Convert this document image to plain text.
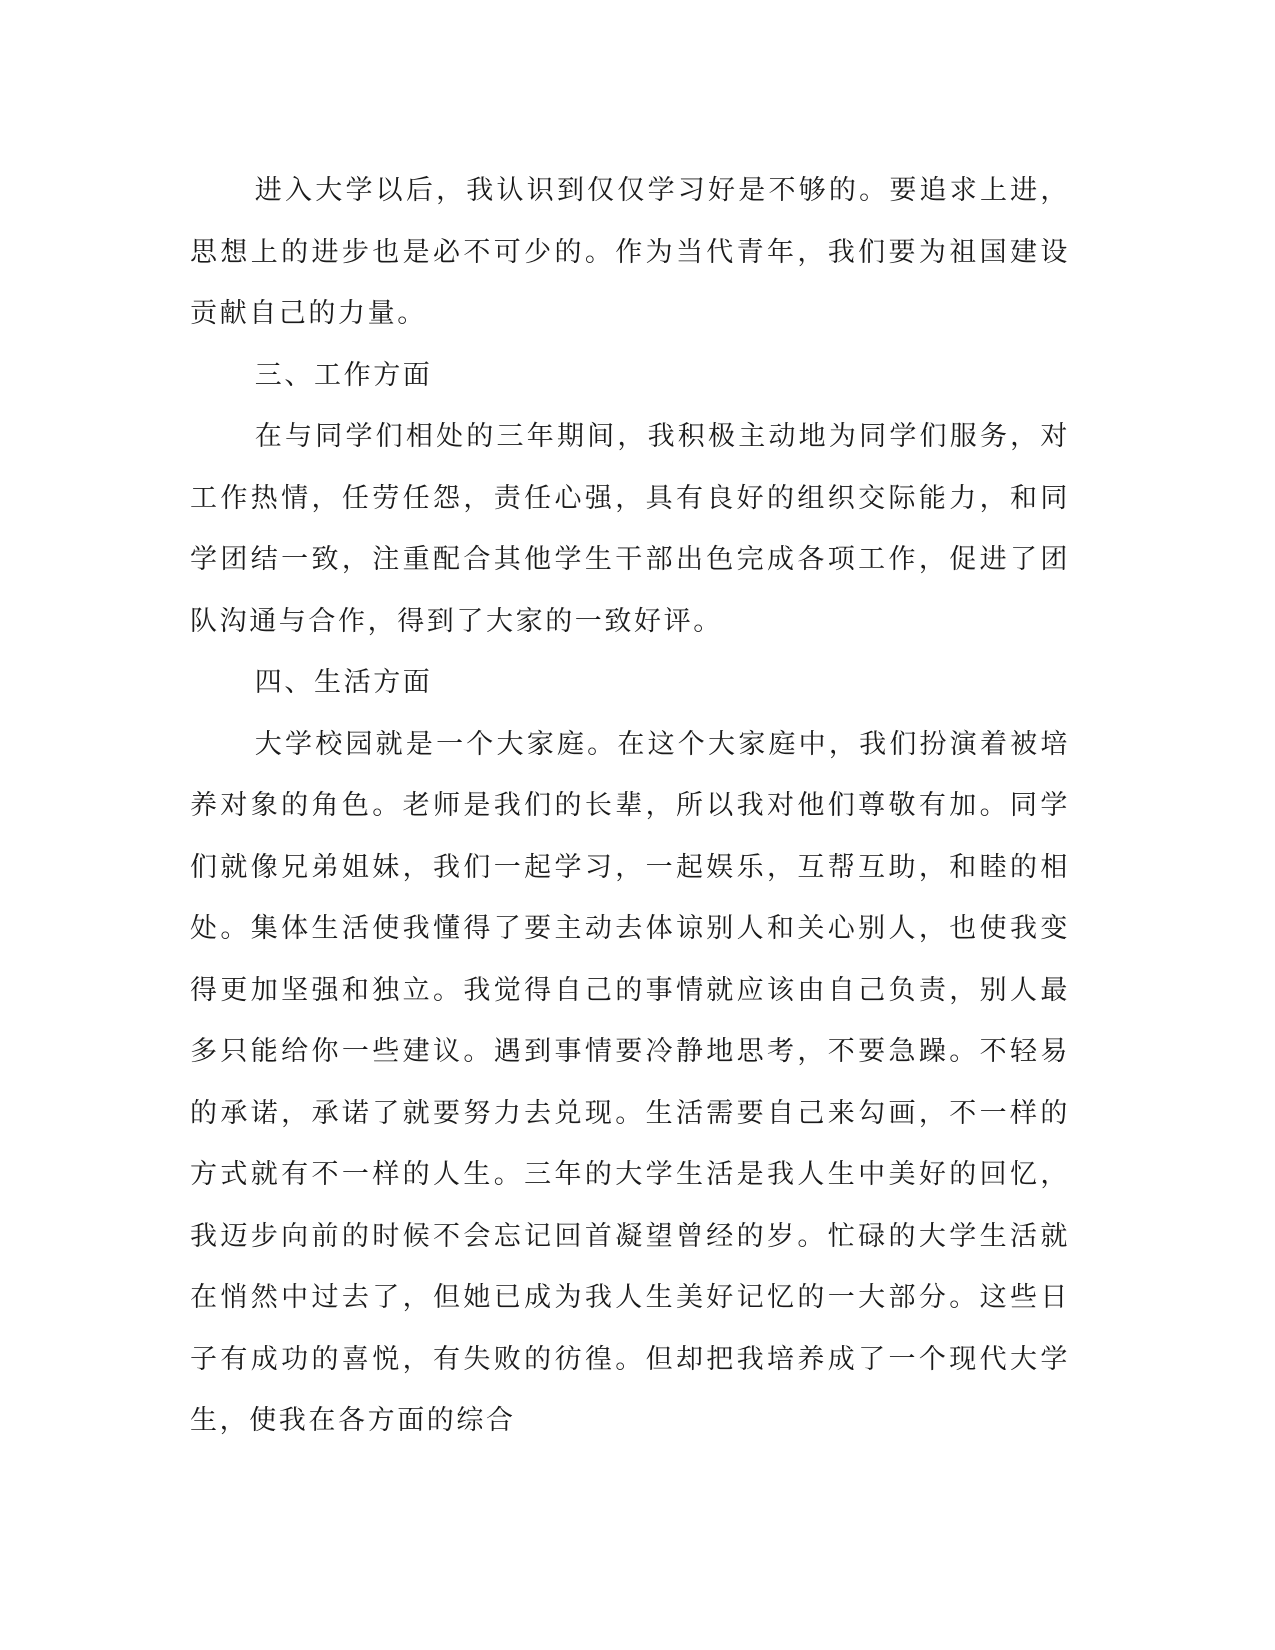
进入大学以后，我认识到仅仅学习好是不够的。要追求上进，思想上的进步也是必不可少的。作为当代青年，我们要为祖国建设贡献自己的力量。

三、工作方面

在与同学们相处的三年期间，我积极主动地为同学们服务，对工作热情，任劳任怨，责任心强，具有良好的组织交际能力，和同学团结一致，注重配合其他学生干部出色完成各项工作，促进了团队沟通与合作，得到了大家的一致好评。

四、生活方面

大学校园就是一个大家庭。在这个大家庭中，我们扮演着被培养对象的角色。老师是我们的长辈，所以我对他们尊敬有加。同学们就像兄弟姐妹，我们一起学习，一起娱乐，互帮互助，和睦的相处。集体生活使我懂得了要主动去体谅别人和关心别人，也使我变得更加坚强和独立。我觉得自己的事情就应该由自己负责，别人最多只能给你一些建议。遇到事情要冷静地思考，不要急躁。不轻易的承诺，承诺了就要努力去兑现。生活需要自己来勾画，不一样的方式就有不一样的人生。三年的大学生活是我人生中美好的回忆，我迈步向前的时候不会忘记回首凝望曾经的岁。忙碌的大学生活就在悄然中过去了，但她已成为我人生美好记忆的一大部分。这些日子有成功的喜悦，有失败的彷徨。但却把我培养成了一个现代大学生，使我在各方面的综合
